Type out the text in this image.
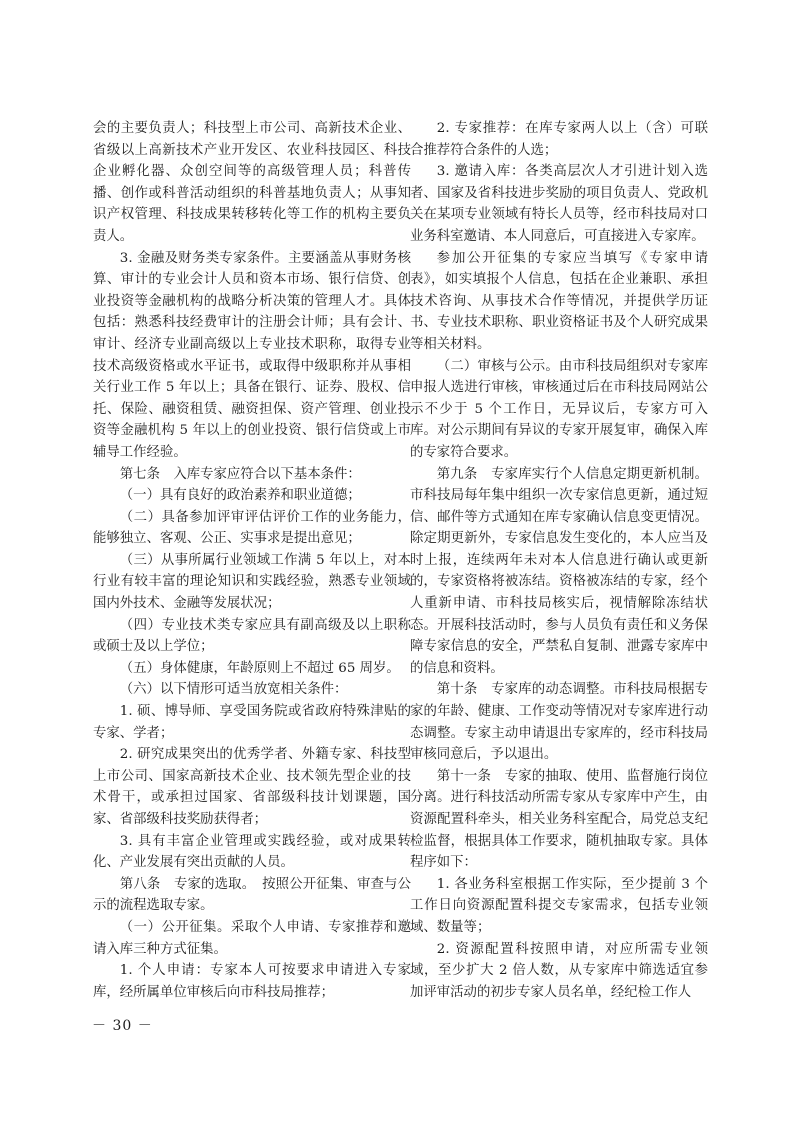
会的主要负责人；科技型上市公司、高新技术企业、省级以上高新技术产业开发区、农业科技园区、科技企业孵化器、众创空间等的高级管理人员；科普传播、创作或科普活动组织的科普基地负责人；从事知识产权管理、科技成果转移转化等工作的机构主要负责人。

3. 金融及财务类专家条件。主要涵盖从事财务核算、审计的专业会计人员和资本市场、银行信贷、创业投资等金融机构的战略分析决策的管理人才。具体包括：熟悉科技经费审计的注册会计师；具有会计、审计、经济专业副高级以上专业技术职称，取得专业技术高级资格或水平证书，或取得中级职称并从事相关行业工作 5 年以上；具备在银行、证券、股权、信托、保险、融资租赁、融资担保、资产管理、创业投资等金融机构 5 年以上的创业投资、银行信贷或上市辅导工作经验。

第七条　入库专家应符合以下基本条件：

（一）具有良好的政治素养和职业道德；

（二）具备参加评审评估评价工作的业务能力，能够独立、客观、公正、实事求是提出意见；

（三）从事所属行业领域工作满 5 年以上，对本行业有较丰富的理论知识和实践经验，熟悉专业领域国内外技术、金融等发展状况；

（四）专业技术类专家应具有副高级及以上职称或硕士及以上学位；

（五）身体健康，年龄原则上不超过 65 周岁。

（六）以下情形可适当放宽相关条件：

1. 硕、博导师、享受国务院或省政府特殊津贴的专家、学者；

2. 研究成果突出的优秀学者、外籍专家、科技型上市公司、国家高新技术企业、技术领先型企业的技术骨干，或承担过国家、省部级科技计划课题，国家、省部级科技奖励获得者；

3. 具有丰富企业管理或实践经验，或对成果转化、产业发展有突出贡献的人员。

第八条　专家的选取。　按照公开征集、审查与公示的流程选取专家。

（一）公开征集。采取个人申请、专家推荐和邀请入库三种方式征集。

1. 个人申请：专家本人可按要求申请进入专家库，经所属单位审核后向市科技局推荐；

2. 专家推荐：在库专家两人以上（含）可联合推荐符合条件的人选；

3. 邀请入库：各类高层次人才引进计划入选者、国家及省科技进步奖励的项目负责人、党政机关在某项专业领域有特长人员等，经市科技局对口业务科室邀请、本人同意后，可直接进入专家库。

参加公开征集的专家应当填写《专家申请表》，如实填报个人信息，包括在企业兼职、承担技术咨询、从事技术合作等情况，并提供学历证书、专业技术职称、职业资格证书及个人研究成果等相关材料。

（二）审核与公示。由市科技局组织对专家库申报人选进行审核，审核通过后在市科技局网站公示不少于 5 个工作日，无异议后，专家方可入库。对公示期间有异议的专家开展复审，确保入库的专家符合要求。

第九条　专家库实行个人信息定期更新机制。市科技局每年集中组织一次专家信息更新，通过短信、邮件等方式通知在库专家确认信息变更情况。除定期更新外，专家信息发生变化的，本人应当及时上报，连续两年未对本人信息进行确认或更新的，专家资格将被冻结。资格被冻结的专家，经个人重新申请、市科技局核实后，视情解除冻结状态。开展科技活动时，参与人员负有责任和义务保障专家信息的安全，严禁私自复制、泄露专家库中的信息和资料。

第十条　专家库的动态调整。市科技局根据专家的年龄、健康、工作变动等情况对专家库进行动态调整。专家主动申请退出专家库的，经市科技局审核同意后，予以退出。

第十一条　专家的抽取、使用、监督施行岗位分离。进行科技活动所需专家从专家库中产生，由资源配置科牵头，相关业务科室配合，局党总支纪检监督，根据具体工作要求，随机抽取专家。具体程序如下：

1. 各业务科室根据工作实际，至少提前 3 个工作日向资源配置科提交专家需求，包括专业领域、数量等；

2. 资源配置科按照申请，对应所需专业领域，至少扩大 2 倍人数，从专家库中筛选适宜参加评审活动的初步专家人员名单，经纪检工作人

－ 30 －
